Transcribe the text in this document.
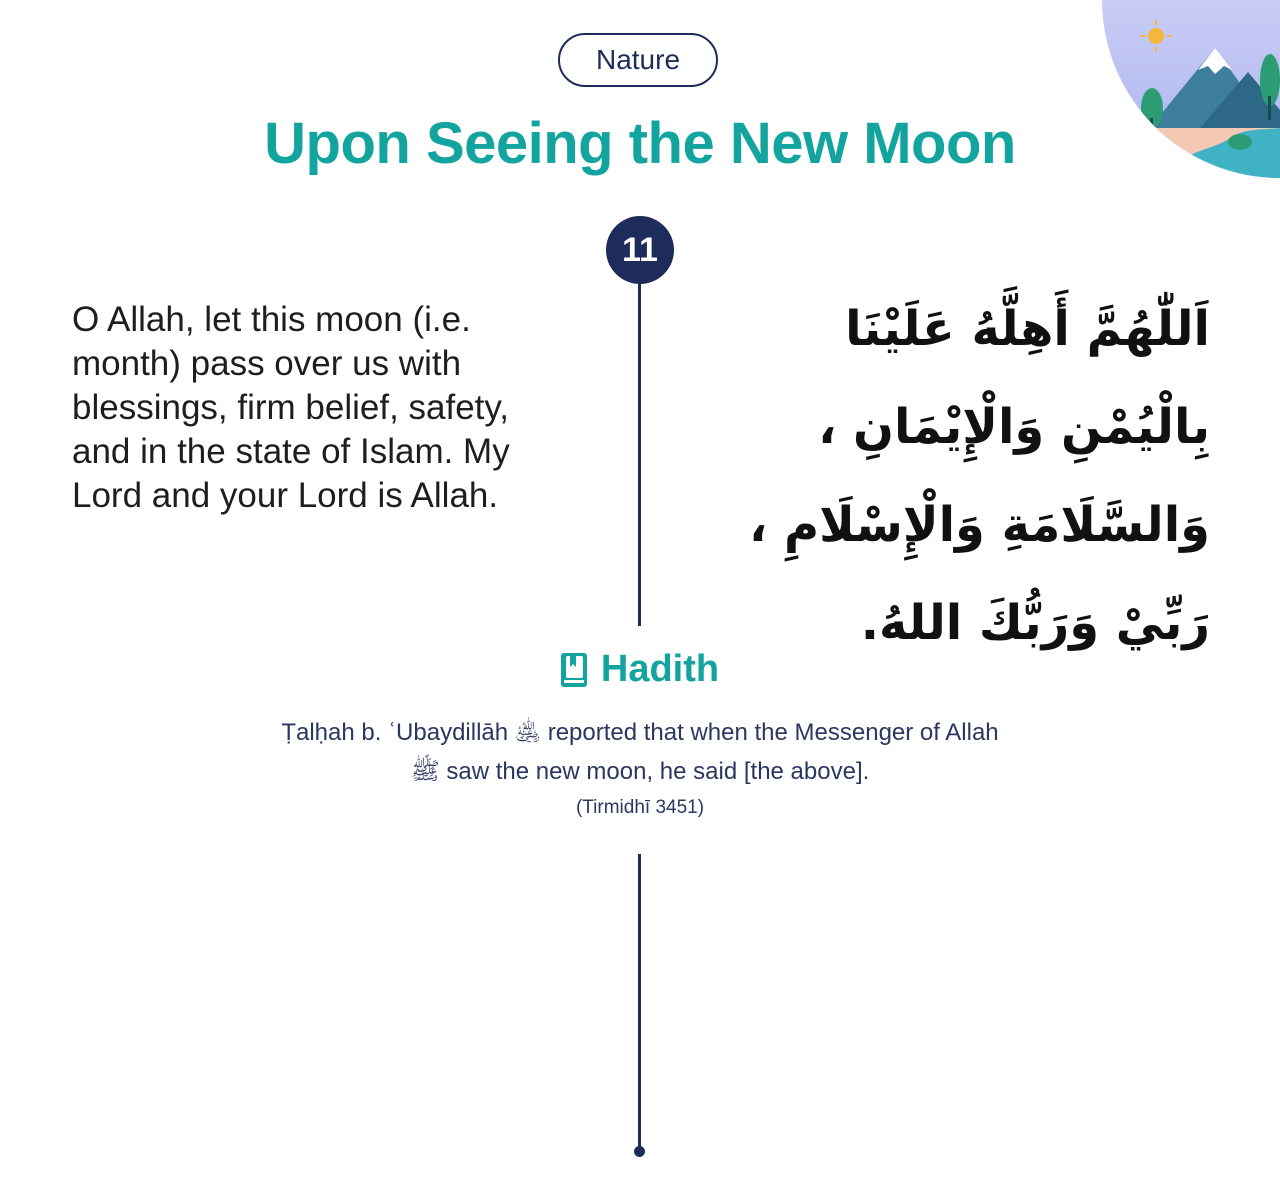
Nature
Upon Seeing the New Moon
11
O Allah, let this moon (i.e. month) pass over us with blessings, firm belief, safety, and in the state of Islam. My Lord and your Lord is Allah.
اَللّٰهُمَّ أَهِلَّهُ عَلَيْنَا بِالْيُمْنِ وَالْإِيْمَانِ ، وَالسَّلَامَةِ وَالْإِسْلَامِ ، رَبِّيْ وَرَبُّكَ اللهُ.
Hadith
Ṭalḥah b. ʿUbaydillāh ﵁ reported that when the Messenger of Allah ﷺ saw the new moon, he said [the above].
(Tirmidhī 3451)
